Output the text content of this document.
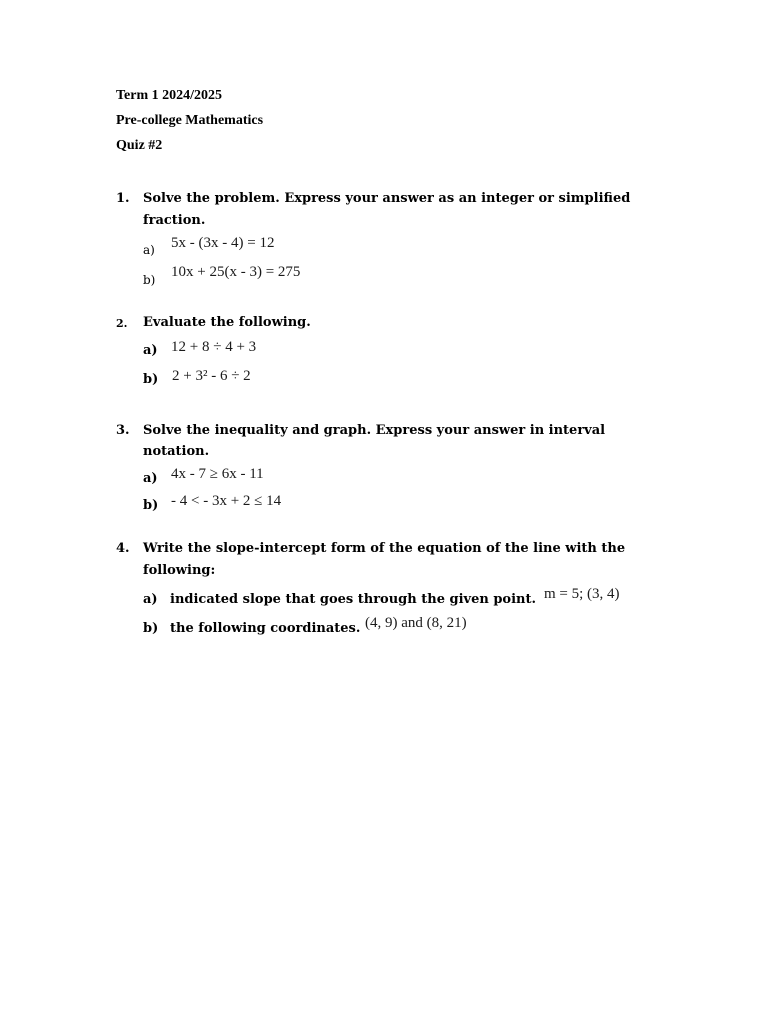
Term 1 2024/2025
Pre-college Mathematics
Quiz #2
1. Solve the problem. Express your answer as an integer or simplified
fraction.
a) 5x - (3x - 4) = 12
b) 10x + 25(x - 3) = 275
2. Evaluate the following.
a) 12 + 8 ÷ 4 + 3
b) 2 + 3² - 6 ÷ 2
3. Solve the inequality and graph. Express your answer in interval
notation.
a) 4x - 7 ≥ 6x - 11
b) - 4 < - 3x + 2 ≤ 14
4. Write the slope-intercept form of the equation of the line with the
following:
a) indicated slope that goes through the given point. m = 5; (3, 4)
b) the following coordinates. (4, 9) and (8, 21)
